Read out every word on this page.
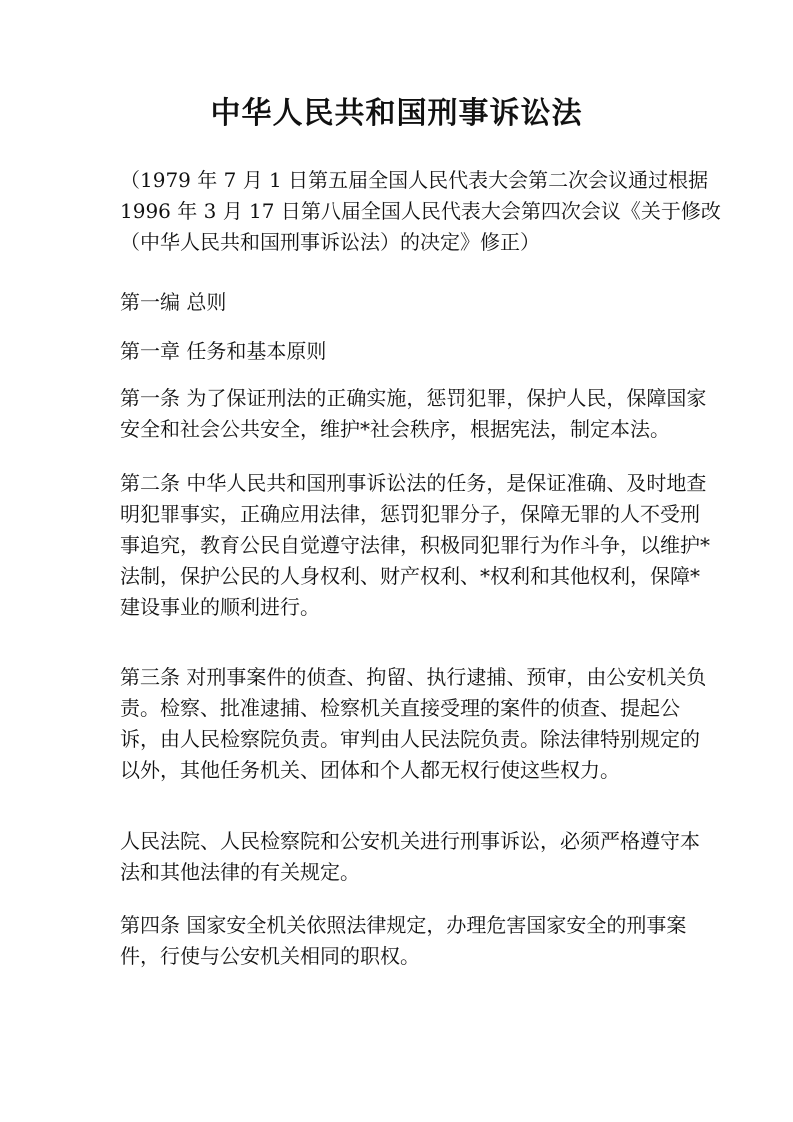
中华人民共和国刑事诉讼法
（1979 年 7 月 1 日第五届全国人民代表大会第二次会议通过根据
1996 年 3 月 17 日第八届全国人民代表大会第四次会议《关于修改
（中华人民共和国刑事诉讼法）的决定》修正）
第一编 总则
第一章 任务和基本原则
第一条 为了保证刑法的正确实施，惩罚犯罪，保护人民，保障国家
安全和社会公共安全，维护*社会秩序，根据宪法，制定本法。
第二条 中华人民共和国刑事诉讼法的任务，是保证准确、及时地查
明犯罪事实，正确应用法律，惩罚犯罪分子，保障无罪的人不受刑
事追究，教育公民自觉遵守法律，积极同犯罪行为作斗争，以维护*
法制，保护公民的人身权利、财产权利、*权利和其他权利，保障*
建设事业的顺利进行。
第三条 对刑事案件的侦查、拘留、执行逮捕、预审，由公安机关负
责。检察、批准逮捕、检察机关直接受理的案件的侦查、提起公
诉，由人民检察院负责。审判由人民法院负责。除法律特别规定的
以外，其他任务机关、团体和个人都无权行使这些权力。
人民法院、人民检察院和公安机关进行刑事诉讼，必须严格遵守本
法和其他法律的有关规定。
第四条 国家安全机关依照法律规定，办理危害国家安全的刑事案
件，行使与公安机关相同的职权。
